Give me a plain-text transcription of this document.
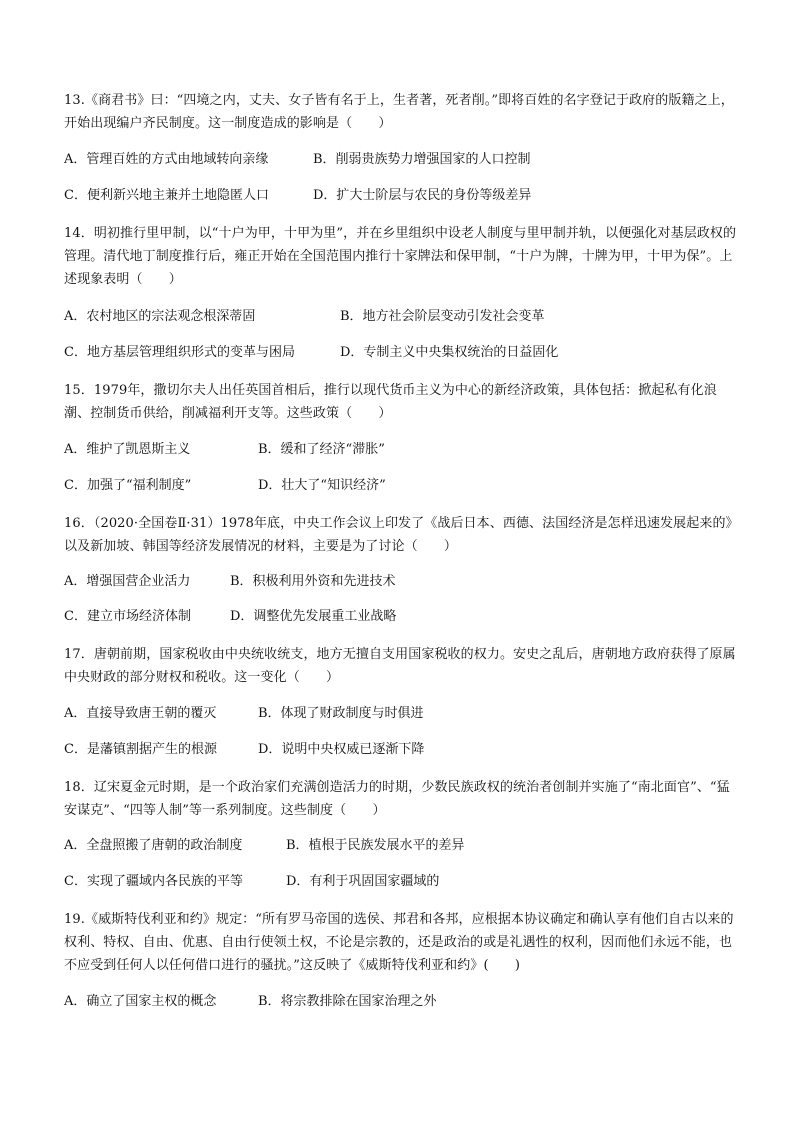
13.《商君书》曰：“四境之内，丈夫、女子皆有名于上，生者著，死者削。”即将百姓的名字登记于政府的版籍之上，开始出现编户齐民制度。这一制度造成的影响是（　　）
A．管理百姓的方式由地域转向亲缘	B．削弱贵族势力增强国家的人口控制
C．便利新兴地主兼并土地隐匿人口	D．扩大士阶层与农民的身份等级差异
14．明初推行里甲制，以“十户为甲，十甲为里”，并在乡里组织中设老人制度与里甲制并轨，以便强化对基层政权的管理。清代地丁制度推行后，雍正开始在全国范围内推行十家牌法和保甲制，“十户为牌，十牌为甲，十甲为保”。上述现象表明（　　）
A．农村地区的宗法观念根深蒂固	B．地方社会阶层变动引发社会变革
C．地方基层管理组织形式的变革与困局	D．专制主义中央集权统治的日益固化
15．1979年，撒切尔夫人出任英国首相后，推行以现代货币主义为中心的新经济政策，具体包括：掀起私有化浪潮、控制货币供给，削减福利开支等。这些政策（　　）
A．维护了凯恩斯主义	B．缓和了经济“滞胀”
C．加强了“福利制度”	D．壮大了“知识经济”
16．（2020·全国卷Ⅱ·31）1978年底，中央工作会议上印发了《战后日本、西德、法国经济是怎样迅速发展起来的》以及新加坡、韩国等经济发展情况的材料，主要是为了讨论（　　）
A．增强国营企业活力	B．积极利用外资和先进技术
C．建立市场经济体制	D．调整优先发展重工业战略
17．唐朝前期，国家税收由中央统收统支，地方无擅自支用国家税收的权力。安史之乱后，唐朝地方政府获得了原属中央财政的部分财权和税收。这一变化（　　）
A．直接导致唐王朝的覆灭	B．体现了财政制度与时俱进
C．是藩镇割据产生的根源	D．说明中央权威已逐渐下降
18．辽宋夏金元时期，是一个政治家们充满创造活力的时期，少数民族政权的统治者创制并实施了“南北面官”、“猛安谋克”、“四等人制”等一系列制度。这些制度（　　）
A．全盘照搬了唐朝的政治制度	B．植根于民族发展水平的差异
C．实现了疆域内各民族的平等	D．有利于巩固国家疆域的
19.《威斯特伐利亚和约》规定：“所有罗马帝国的选侯、邦君和各邦，应根据本协议确定和确认享有他们自古以来的权利、特权、自由、优惠、自由行使领土权，不论是宗教的，还是政治的或是礼遇性的权利，因而他们永远不能，也不应受到任何人以任何借口进行的骚扰。”这反映了《威斯特伐利亚和约》(　　)
A．确立了国家主权的概念	B．将宗教排除在国家治理之外
